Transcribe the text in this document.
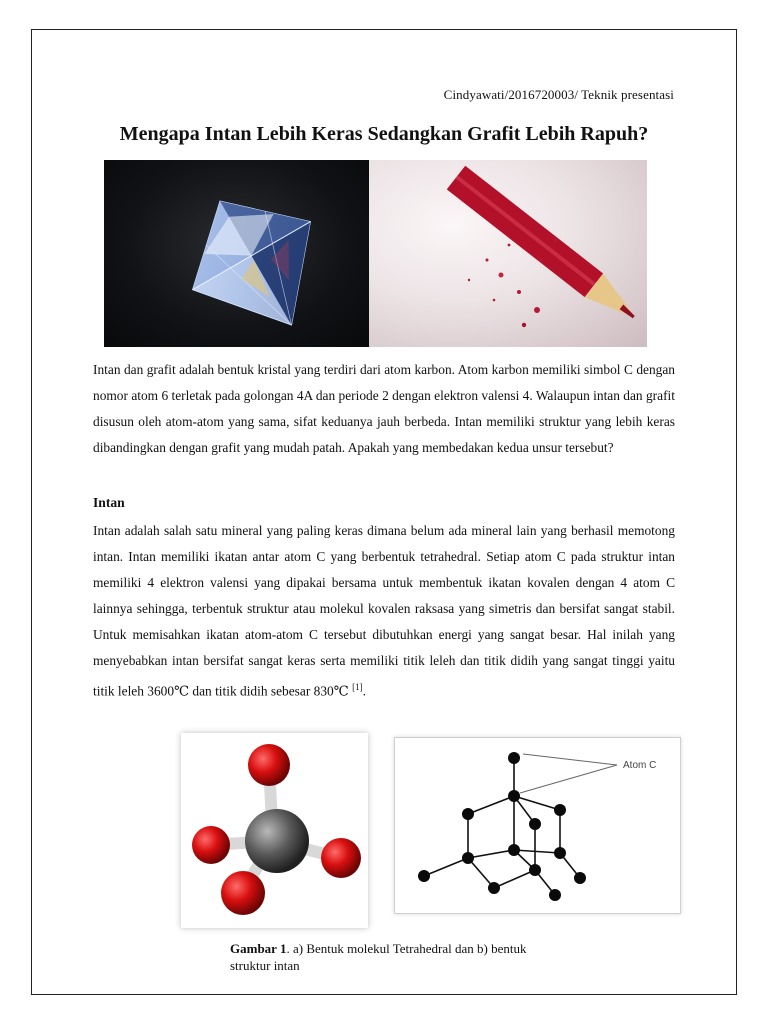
Cindyawati/2016720003/ Teknik presentasi
Mengapa Intan Lebih Keras Sedangkan Grafit Lebih Rapuh?
Intan dan grafit adalah bentuk kristal yang terdiri dari atom karbon. Atom karbon memiliki simbol C dengan nomor atom 6 terletak pada golongan 4A dan periode 2 dengan elektron valensi 4. Walaupun intan dan grafit disusun oleh atom-atom yang sama, sifat keduanya jauh berbeda. Intan memiliki struktur yang lebih keras dibandingkan dengan grafit yang mudah patah. Apakah yang membedakan kedua unsur tersebut?
Intan
Intan adalah salah satu mineral yang paling keras dimana belum ada mineral lain yang berhasil memotong intan. Intan memiliki ikatan antar atom C yang berbentuk tetrahedral. Setiap atom C pada struktur intan memiliki 4 elektron valensi yang dipakai bersama untuk membentuk ikatan kovalen dengan 4 atom C lainnya sehingga, terbentuk struktur atau molekul kovalen raksasa yang simetris dan bersifat sangat stabil. Untuk memisahkan ikatan atom-atom C tersebut dibutuhkan energi yang sangat besar. Hal inilah yang menyebabkan intan bersifat sangat keras serta memiliki titik leleh dan titik didih yang sangat tinggi yaitu titik leleh 3600℃ dan titik didih sebesar 830℃ [1].
Atom C
Gambar 1. a) Bentuk molekul Tetrahedral dan b) bentuk struktur intan
